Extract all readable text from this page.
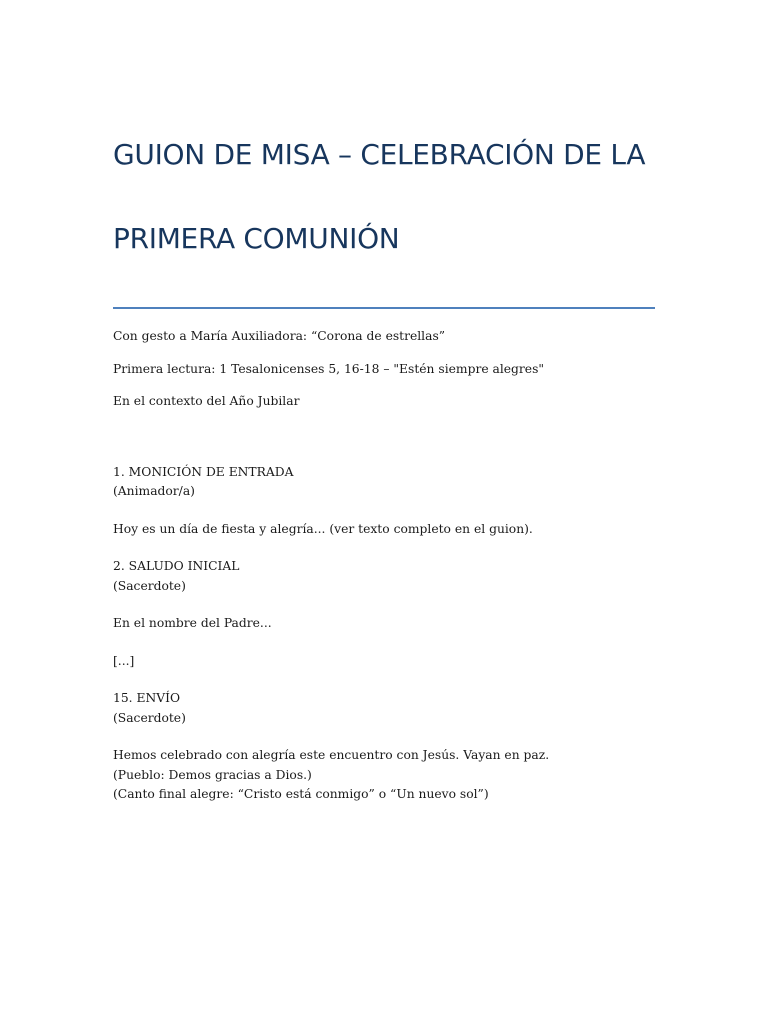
GUION DE MISA – CELEBRACIÓN DE LA

PRIMERA COMUNIÓN

Con gesto a María Auxiliadora: “Corona de estrellas”

Primera lectura: 1 Tesalonicenses 5, 16-18 – "Estén siempre alegres"

En el contexto del Año Jubilar

1. MONICIÓN DE ENTRADA
(Animador/a)

Hoy es un día de fiesta y alegría... (ver texto completo en el guion).

2. SALUDO INICIAL
(Sacerdote)

En el nombre del Padre...

[...]

15. ENVÍO
(Sacerdote)

Hemos celebrado con alegría este encuentro con Jesús. Vayan en paz.
(Pueblo: Demos gracias a Dios.)
(Canto final alegre: “Cristo está conmigo” o “Un nuevo sol”)
